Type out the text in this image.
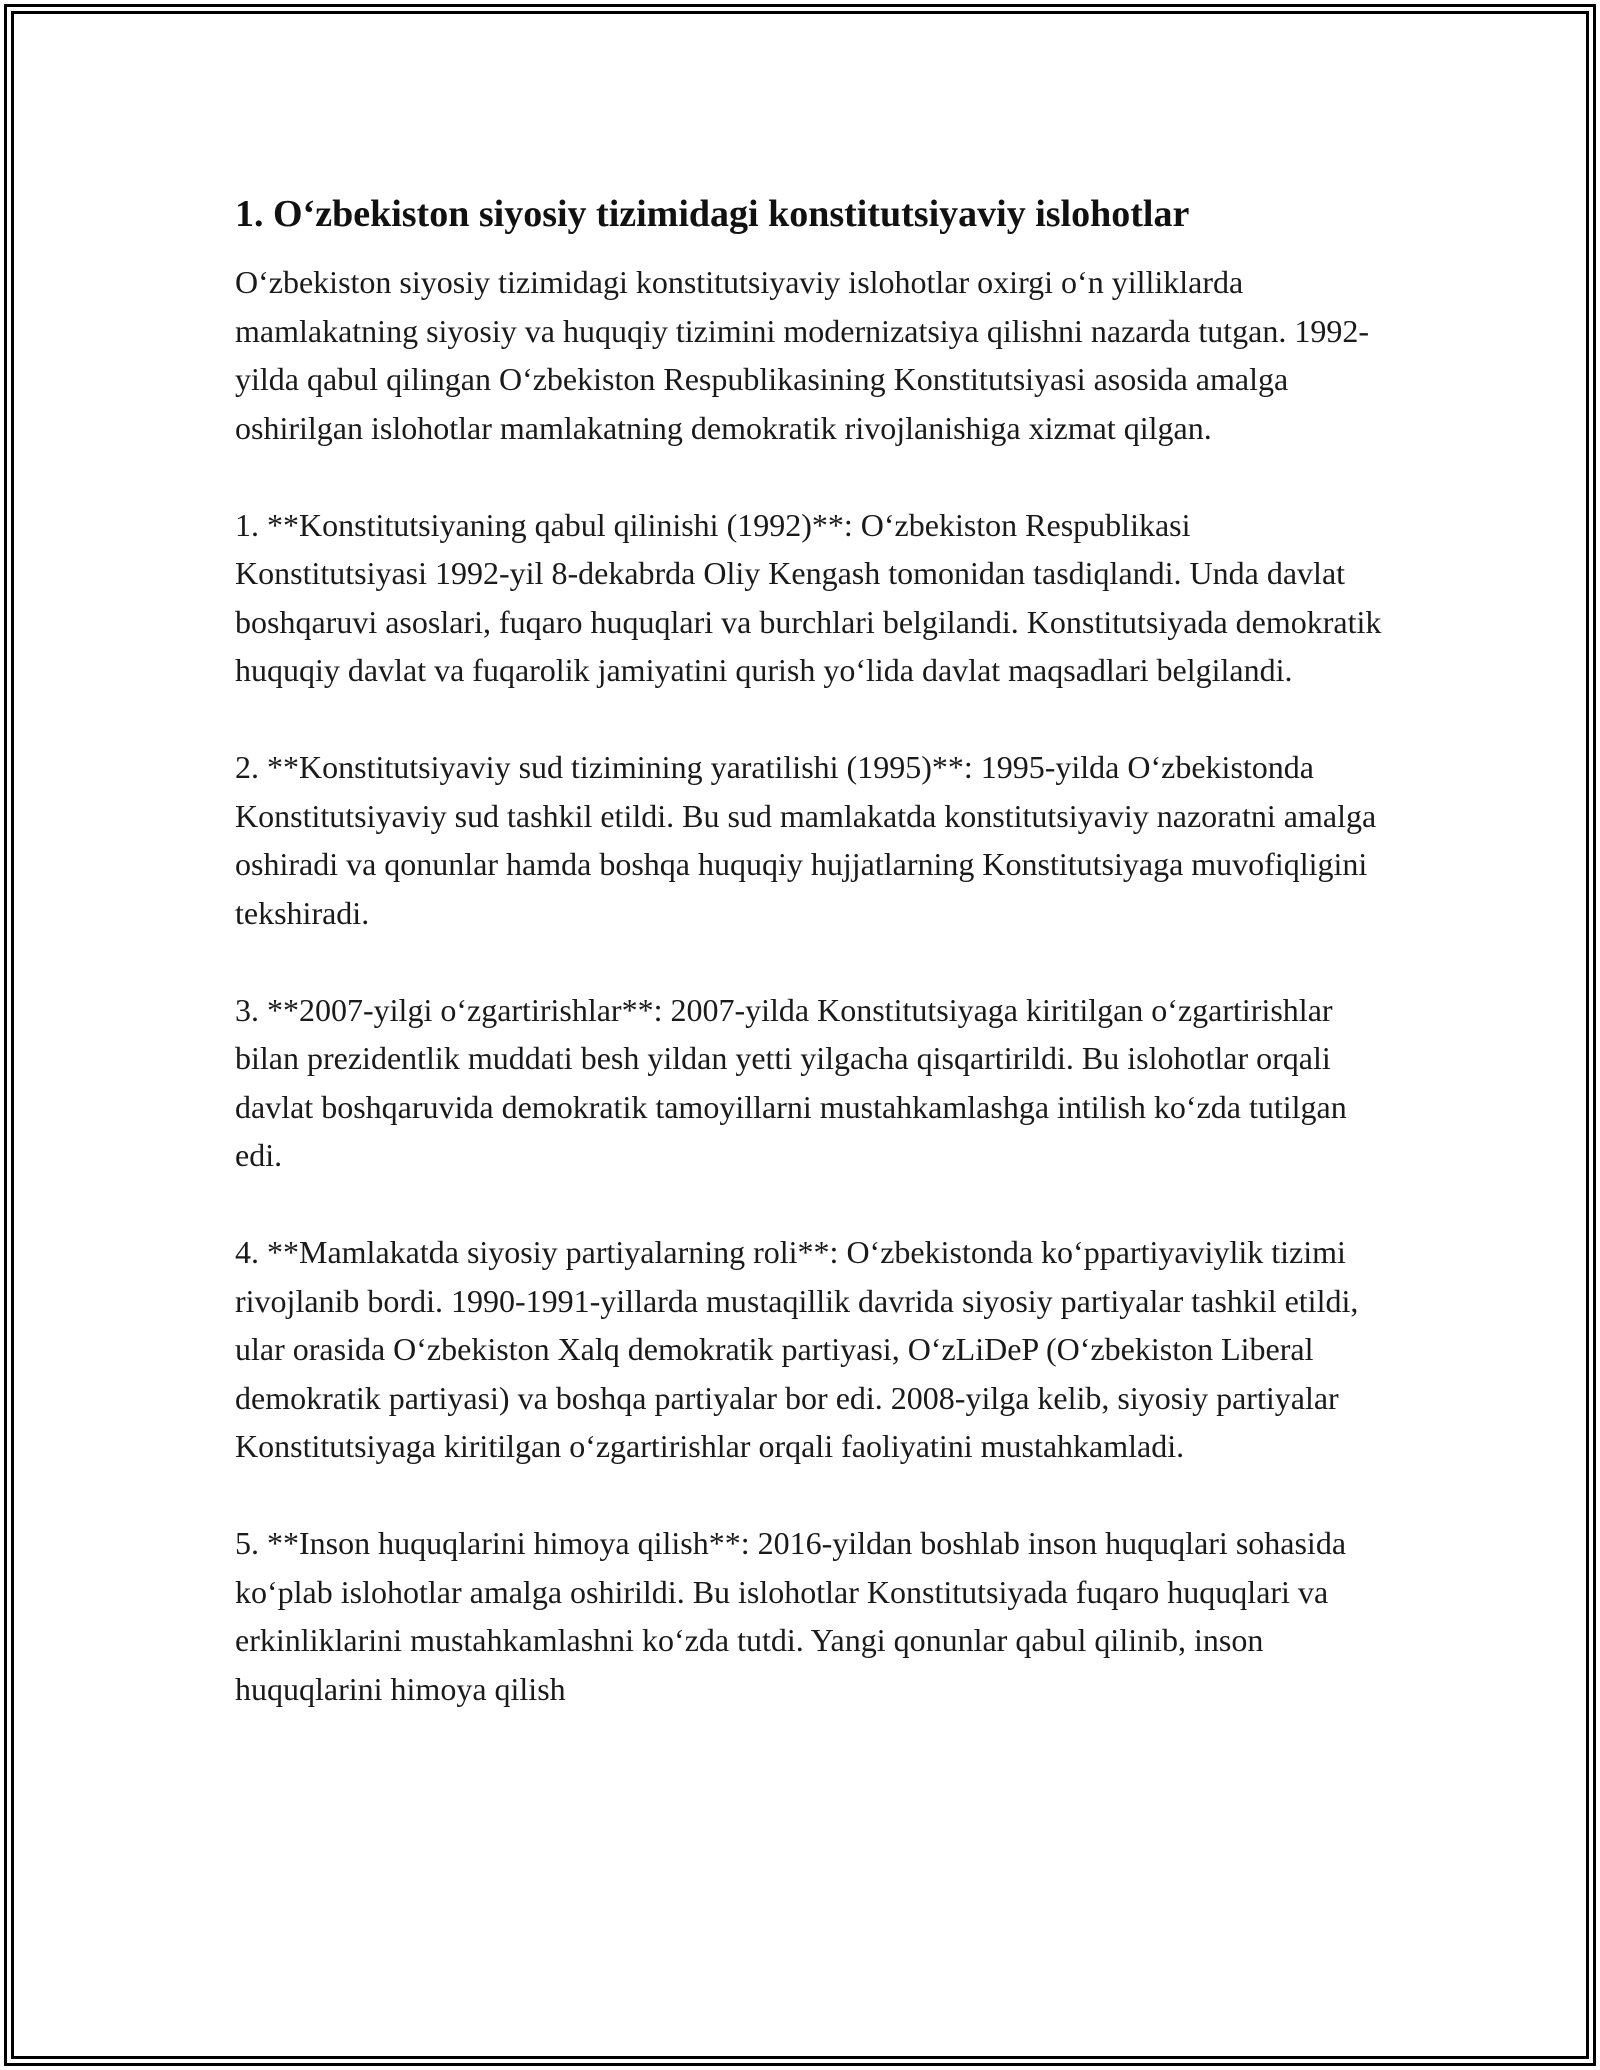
1. O‘zbekiston siyosiy tizimidagi konstitutsiyaviy islohotlar

O‘zbekiston siyosiy tizimidagi konstitutsiyaviy islohotlar oxirgi o‘n yilliklarda mamlakatning siyosiy va huquqiy tizimini modernizatsiya qilishni nazarda tutgan. 1992-yilda qabul qilingan O‘zbekiston Respublikasining Konstitutsiyasi asosida amalga oshirilgan islohotlar mamlakatning demokratik rivojlanishiga xizmat qilgan.

1. **Konstitutsiyaning qabul qilinishi (1992)**: O‘zbekiston Respublikasi Konstitutsiyasi 1992-yil 8-dekabrda Oliy Kengash tomonidan tasdiqlandi. Unda davlat boshqaruvi asoslari, fuqaro huquqlari va burchlari belgilandi. Konstitutsiyada demokratik huquqiy davlat va fuqarolik jamiyatini qurish yo‘lida davlat maqsadlari belgilandi.

2. **Konstitutsiyaviy sud tizimining yaratilishi (1995)**: 1995-yilda O‘zbekistonda Konstitutsiyaviy sud tashkil etildi. Bu sud mamlakatda konstitutsiyaviy nazoratni amalga oshiradi va qonunlar hamda boshqa huquqiy hujjatlarning Konstitutsiyaga muvofiqligini tekshiradi.

3. **2007-yilgi o‘zgartirishlar**: 2007-yilda Konstitutsiyaga kiritilgan o‘zgartirishlar bilan prezidentlik muddati besh yildan yetti yilgacha qisqartirildi. Bu islohotlar orqali davlat boshqaruvida demokratik tamoyillarni mustahkamlashga intilish ko‘zda tutilgan edi.

4. **Mamlakatda siyosiy partiyalarning roli**: O‘zbekistonda ko‘ppartiyaviylik tizimi rivojlanib bordi. 1990-1991-yillarda mustaqillik davrida siyosiy partiyalar tashkil etildi, ular orasida O‘zbekiston Xalq demokratik partiyasi, O‘zLiDeP (O‘zbekiston Liberal demokratik partiyasi) va boshqa partiyalar bor edi. 2008-yilga kelib, siyosiy partiyalar Konstitutsiyaga kiritilgan o‘zgartirishlar orqali faoliyatini mustahkamladi.

5. **Inson huquqlarini himoya qilish**: 2016-yildan boshlab inson huquqlari sohasida ko‘plab islohotlar amalga oshirildi. Bu islohotlar Konstitutsiyada fuqaro huquqlari va erkinliklarini mustahkamlashni ko‘zda tutdi. Yangi qonunlar qabul qilinib, inson huquqlarini himoya qilish
